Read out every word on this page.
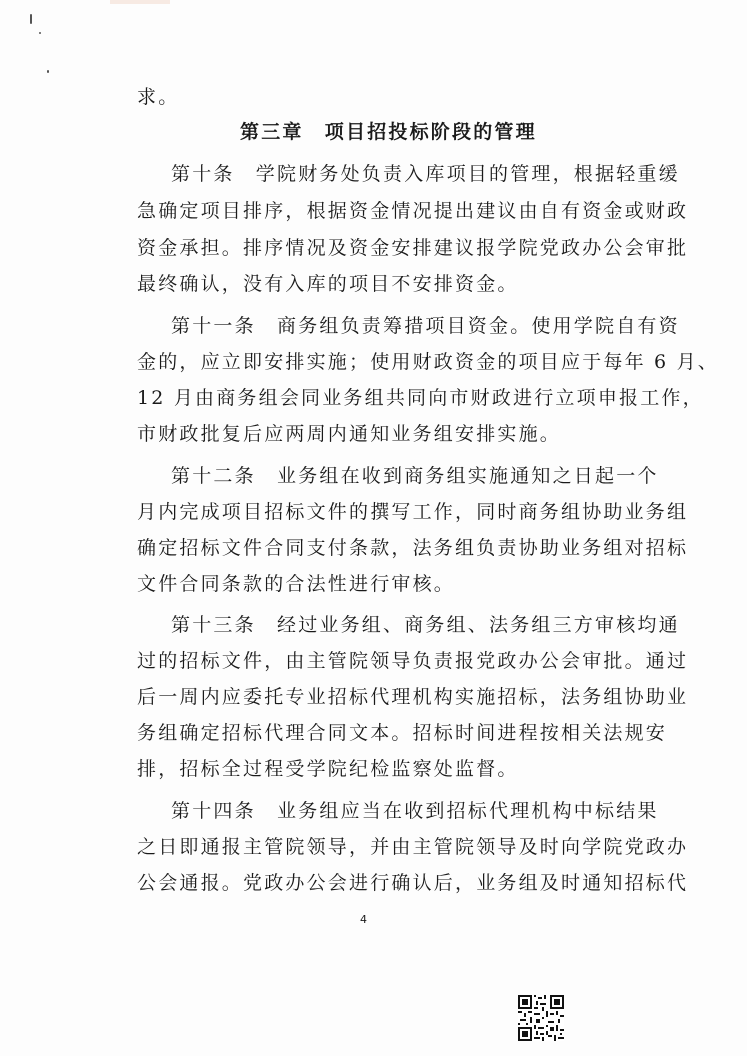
求。
第三章　项目招投标阶段的管理
第十条　学院财务处负责入库项目的管理，根据轻重缓
急确定项目排序，根据资金情况提出建议由自有资金或财政
资金承担。排序情况及资金安排建议报学院党政办公会审批
最终确认，没有入库的项目不安排资金。
第十一条　商务组负责筹措项目资金。使用学院自有资
金的，应立即安排实施；使用财政资金的项目应于每年 6 月、
12 月由商务组会同业务组共同向市财政进行立项申报工作，
市财政批复后应两周内通知业务组安排实施。
第十二条　业务组在收到商务组实施通知之日起一个
月内完成项目招标文件的撰写工作，同时商务组协助业务组
确定招标文件合同支付条款，法务组负责协助业务组对招标
文件合同条款的合法性进行审核。
第十三条　经过业务组、商务组、法务组三方审核均通
过的招标文件，由主管院领导负责报党政办公会审批。通过
后一周内应委托专业招标代理机构实施招标，法务组协助业
务组确定招标代理合同文本。招标时间进程按相关法规安
排，招标全过程受学院纪检监察处监督。
第十四条　业务组应当在收到招标代理机构中标结果
之日即通报主管院领导，并由主管院领导及时向学院党政办
公会通报。党政办公会进行确认后，业务组及时通知招标代
4
